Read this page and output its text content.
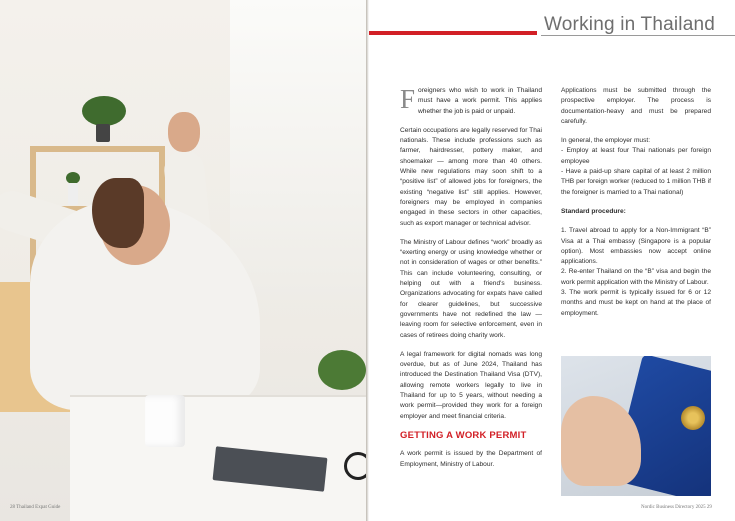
28 Thailand Expat Guide
Working in Thailand

Foreigners who wish to work in Thailand must have a work permit. This applies whether the job is paid or unpaid.

Certain occupations are legally reserved for Thai nationals. These include professions such as farmer, hairdresser, pottery maker, and shoemaker — among more than 40 others. While new regulations may soon shift to a “positive list” of allowed jobs for foreigners, the existing “negative list” still applies. However, foreigners may be employed in companies engaged in these sectors in other capacities, such as export manager or technical advisor.

The Ministry of Labour defines “work” broadly as “exerting energy or using knowledge whether or not in consideration of wages or other benefits.” This can include volunteering, consulting, or helping out with a friend's business. Organizations advocating for expats have called for clearer guidelines, but successive governments have not redefined the law — leaving room for selective enforcement, even in cases of retirees doing charity work.

A legal framework for digital nomads was long overdue, but as of June 2024, Thailand has introduced the Destination Thailand Visa (DTV), allowing remote workers legally to live in Thailand for up to 5 years, without needing a work permit—provided they work for a foreign employer and meet financial criteria.

GETTING A WORK PERMIT

A work permit is issued by the Department of Employment, Ministry of Labour.

Applications must be submitted through the prospective employer. The process is documentation-heavy and must be prepared carefully.

In general, the employer must:

- Employ at least four Thai nationals per foreign employee

- Have a paid-up share capital of at least 2 million THB per foreign worker (reduced to 1 million THB if the foreigner is married to a Thai national)

Standard procedure:

1. Travel abroad to apply for a Non-Immigrant “B” Visa at a Thai embassy (Singapore is a popular option). Most embassies now accept online applications.

2. Re-enter Thailand on the “B” visa and begin the work permit application with the Ministry of Labour.

3. The work permit is typically issued for 6 or 12 months and must be kept on hand at the place of employment.

Nordic Business Directory 2025 29
